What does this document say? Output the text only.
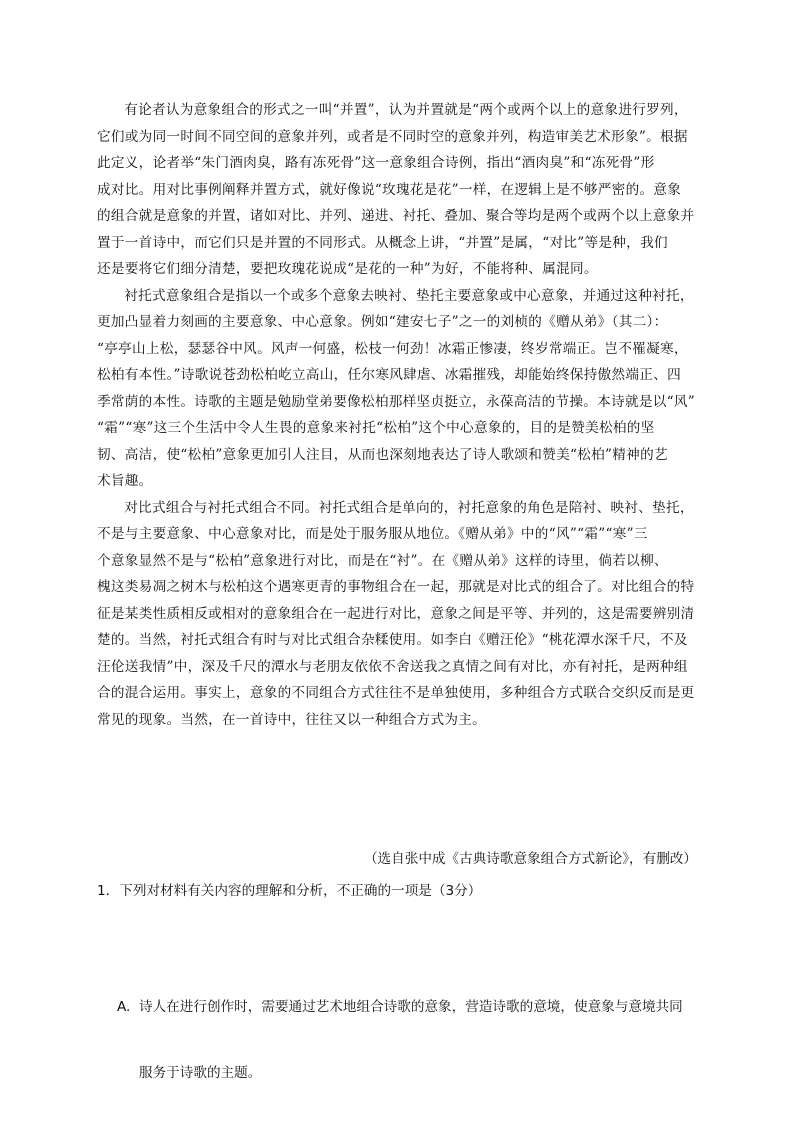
有论者认为意象组合的形式之一叫“并置”，认为并置就是“两个或两个以上的意象进行罗列，
它们或为同一时间不同空间的意象并列，或者是不同时空的意象并列，构造审美艺术形象”。根据
此定义，论者举“朱门酒肉臭，路有冻死骨”这一意象组合诗例，指出“酒肉臭”和“冻死骨”形
成对比。用对比事例阐释并置方式，就好像说“玫瑰花是花”一样，在逻辑上是不够严密的。意象
的组合就是意象的并置，诸如对比、并列、递进、衬托、叠加、聚合等均是两个或两个以上意象并
置于一首诗中，而它们只是并置的不同形式。从概念上讲，“并置”是属，“对比”等是种，我们
还是要将它们细分清楚，要把玫瑰花说成“是花的一种”为好，不能将种、属混同。

衬托式意象组合是指以一个或多个意象去映衬、垫托主要意象或中心意象，并通过这种衬托，
更加凸显着力刻画的主要意象、中心意象。例如“建安七子”之一的刘桢的《赠从弟》（其二）：
“亭亭山上松，瑟瑟谷中风。风声一何盛，松枝一何劲！冰霜正惨凄，终岁常端正。岂不罹凝寒，
松柏有本性。”诗歌说苍劲松柏屹立高山，任尔寒风肆虐、冰霜摧残，却能始终保持傲然端正、四
季常荫的本性。诗歌的主题是勉励堂弟要像松柏那样坚贞挺立，永葆高洁的节操。本诗就是以“风”
“霜”“寒”这三个生活中令人生畏的意象来衬托“松柏”这个中心意象的，目的是赞美松柏的坚
韧、高洁，使“松柏”意象更加引人注目，从而也深刻地表达了诗人歌颂和赞美“松柏”精神的艺
术旨趣。

对比式组合与衬托式组合不同。衬托式组合是单向的，衬托意象的角色是陪衬、映衬、垫托，
不是与主要意象、中心意象对比，而是处于服务服从地位。《赠从弟》中的“风”“霜”“寒”三
个意象显然不是与“松柏”意象进行对比，而是在“衬”。在《赠从弟》这样的诗里，倘若以柳、
槐这类易凋之树木与松柏这个遇寒更青的事物组合在一起，那就是对比式的组合了。对比组合的特
征是某类性质相反或相对的意象组合在一起进行对比，意象之间是平等、并列的，这是需要辨别清
楚的。当然，衬托式组合有时与对比式组合杂糅使用。如李白《赠汪伦》“桃花潭水深千尺，不及
汪伦送我情”中，深及千尺的潭水与老朋友依依不舍送我之真情之间有对比，亦有衬托，是两种组
合的混合运用。事实上，意象的不同组合方式往往不是单独使用，多种组合方式联合交织反而是更
常见的现象。当然，在一首诗中，往往又以一种组合方式为主。

（选自张中成《古典诗歌意象组合方式新论》，有删改）

1．下列对材料有关内容的理解和分析，不正确的一项是（3分）

A. 诗人在进行创作时，需要通过艺术地组合诗歌的意象，营造诗歌的意境，使意象与意境共同

服务于诗歌的主题。
